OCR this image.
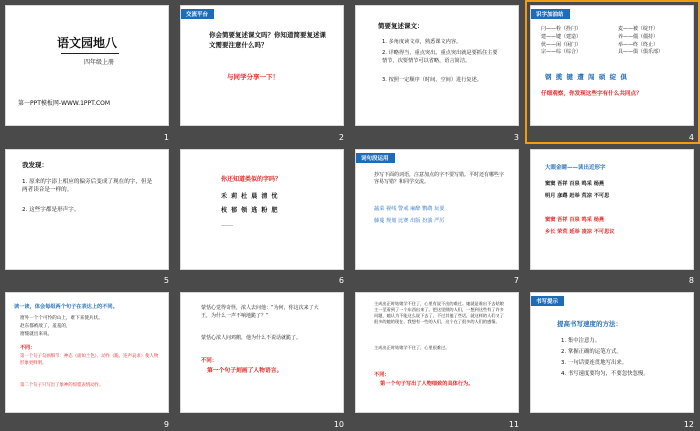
语文园地八
四年级上册
第一PPT模板网-WWW.1PPT.COM
1
交流平台
你会简要复述课文吗？你知道简要复述课文需要注意什么吗？
与同学分享一下！
2
简要复述课文：
1. 多角度读文章，熟悉课文内容。
2. 详略得当，重点突出。重点突出就是要抓住主要情节，次要情节可以省略，语言简洁。
3. 按照一定顺序（时间、空间）进行复述。
3
识字加油站
闩——栓（拴闩）	麦——被（绽开）
建——键（建造）	养——僵（僵持）
伙——闲（闲门）	举——终（终止）
宗——综（综合）	具——俱（俱乐部）
钢 揽 键 遭 闯 硕 绽 俱
仔细观察，你发现这些字有什么共同点？
4
我发现：
1. 原来的字添上相应的偏旁后变成了现在的字，但是两者读音是一样的。
2. 这些字都是形声字。
5
你还知道类似的字吗？
禾 莉 杜 晨 清 忧
枝 郁 领 逃 粉 肥
……
6
词句段运用
抄写下面的词语，注意加点的字不要写错。平时还有哪些字容易写错？和同学交流。
蔬菜 视线 警戒 麻醉 鹦鹉 玩耍
藤蔓 规划 比赛 出版 扮演 严厉
7
大眼金睛——读出近形字
窦窦 吾祥 百泉 鸣采 杨燕
明月 彦鹉 赶举 荒凉 不可思
窦窦 吾祥 百泉 鸣采 杨燕
乡长 荣荒 延举 凌凉 不可思议
8
读一读，体会每组两个句子在表达上的不同。
窗外一个个可怜的山上，难下来使兵状。
赵东都被敌了，羞羞的，
窗缝就出来说。
不同：
第一个句子勾画细节：神态（面如土色）、动作（跪、连声哀求）使人物形象更鲜明。
第二个句子只写出了象神的惊慌表情动作。
9
蒙恬心觉得奇怪，浓人去问他：“为何，你这次来了大王，为什么一声不响地跪了？”
蒙恬心浓人问鸡鹅，他为什么不说话就跪了。
不同：
第一个句子刻画了人物语言。
10
主成出正时姑娘学不住了，心里有说不出的难过。她就是谁出不去姑娘主一至看到了一个东西出来了。把这里照的人们，一想到这些有了许多问题，她认为不能这么说下去了，不过其他了些话，就这样的人们又了很多的她的现在，我想有一些的人们，这个在了很多的人们的感情。
主成出正时姑娘学不住了，心里很难过。
不同：
第一个句子写出了人物细致的具体行为。
11
书写提示
提高书写速度的方法：
1. 集中注意力。
2. 掌握正确的运笔方式。
3. 一句话要连贯地写出来。
4. 书写速度要均匀，不要忽快忽慢。
12
